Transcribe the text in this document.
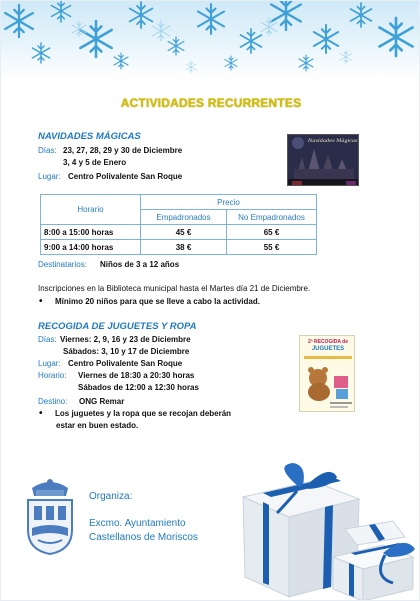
ACTIVIDADES RECURRENTES
NAVIDADES MÁGICAS
Días: 23, 27, 28, 29 y 30 de Diciembre
3, 4 y 5 de Enero
Lugar: Centro Polivalente San Roque
Navidades Mágicas
Horario	Precio	
	Empadronados	No Empadronados
8:00 a 15:00 horas	45 €	65 €
9:00 a 14:00 horas	38 €	55 €
Destinatarios: Niños de 3 a 12 años
Inscripciones en la Biblioteca municipal hasta el Martes día 21 de Diciembre.
Mínimo 20 niños para que se lleve a cabo la actividad.
RECOGIDA DE JUGUETES Y ROPA
Días: Viernes: 2, 9, 16 y 23 de Diciembre
Sábados: 3, 10 y 17 de Diciembre
Lugar: Centro Polivalente San Roque
Horario: Viernes de 18:30 a 20:30 horas
Sábados de 12:00 a 12:30 horas
Destino: ONG Remar
Los juguetes y la ropa que se recojan deberán
estar en buen estado.
2ª RECOGIDA de
JUGUETES
Organiza:
Excmo. Ayuntamiento
Castellanos de Moriscos
